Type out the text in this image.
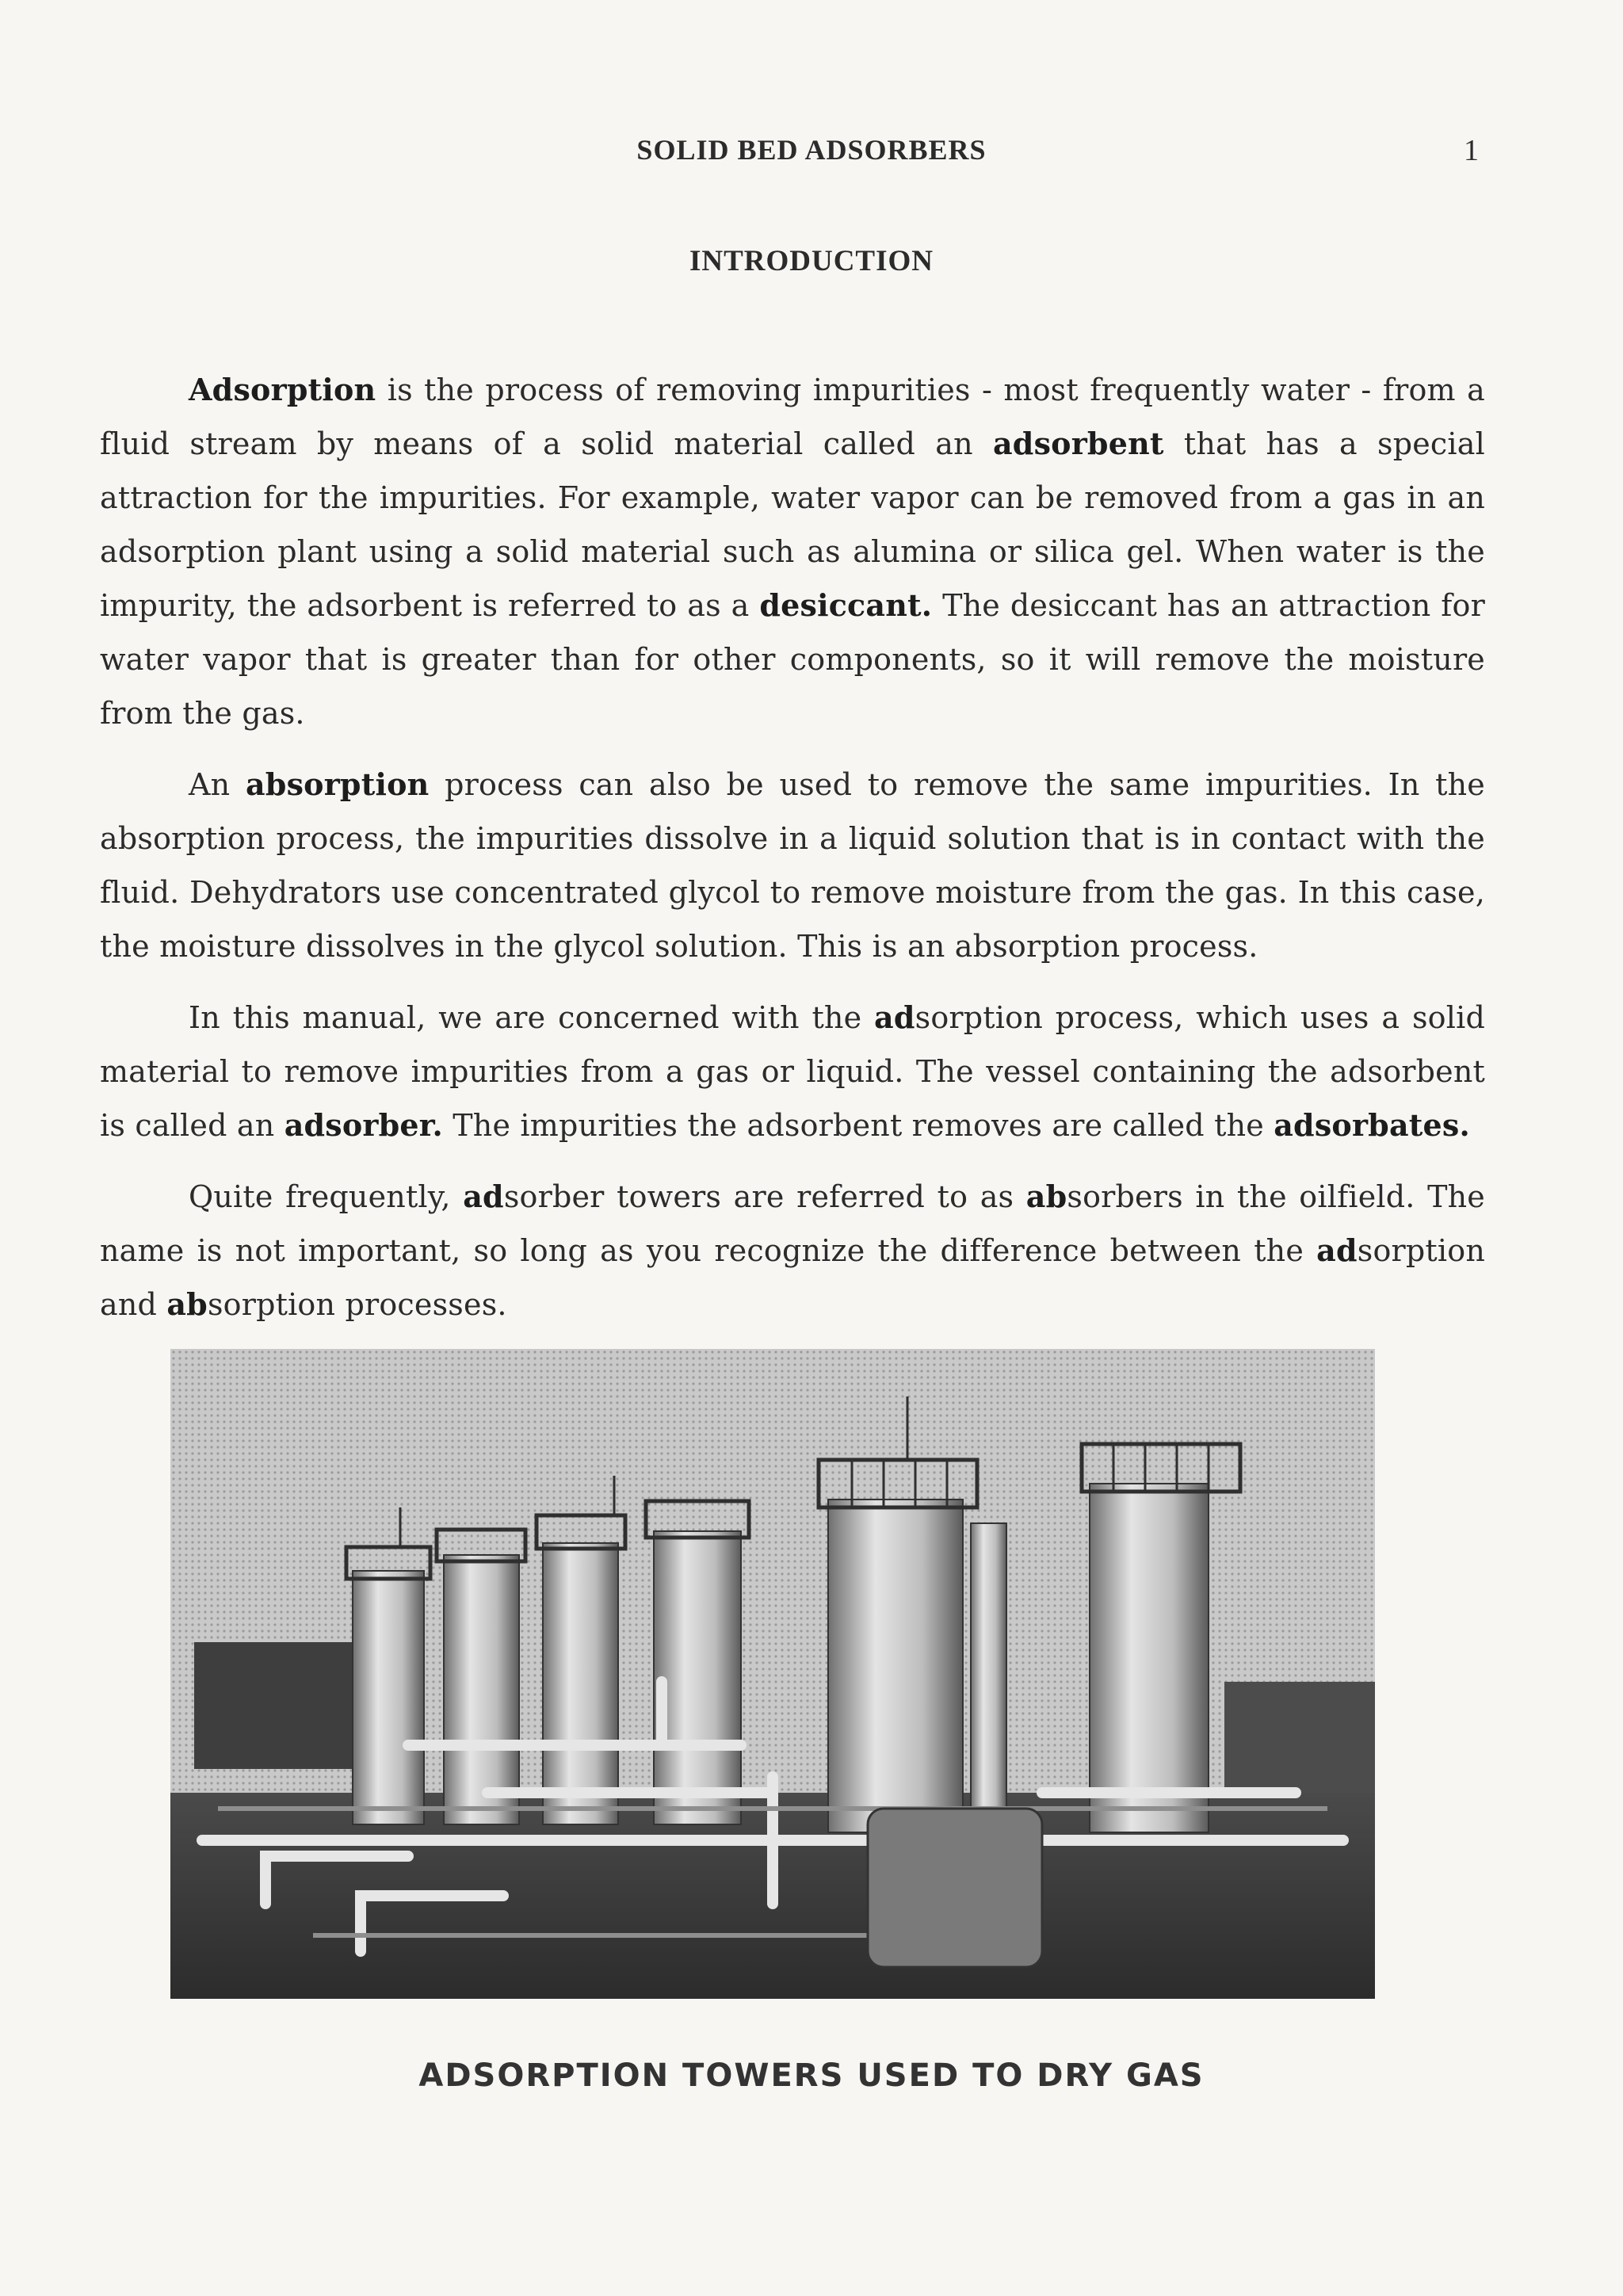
SOLID BED ADSORBERS	1
INTRODUCTION

Adsorption is the process of removing impurities - most frequently water - from a fluid stream by means of a solid material called an adsorbent that has a special attraction for the impurities. For example, water vapor can be removed from a gas in an adsorption plant using a solid material such as alumina or silica gel. When water is the impurity, the adsorbent is referred to as a desiccant. The desiccant has an attraction for water vapor that is greater than for other components, so it will remove the moisture from the gas.

An absorption process can also be used to remove the same impurities. In the absorption process, the impurities dissolve in a liquid solution that is in contact with the fluid. Dehydrators use concentrated glycol to remove moisture from the gas. In this case, the moisture dissolves in the glycol solution. This is an absorption process.

In this manual, we are concerned with the adsorption process, which uses a solid material to remove impurities from a gas or liquid. The vessel containing the adsorbent is called an adsorber. The impurities the adsorbent removes are called the adsorbates.

Quite frequently, adsorber towers are referred to as absorbers in the oilfield. The name is not important, so long as you recognize the difference between the adsorption and absorption processes.

ADSORPTION TOWERS USED TO DRY GAS
